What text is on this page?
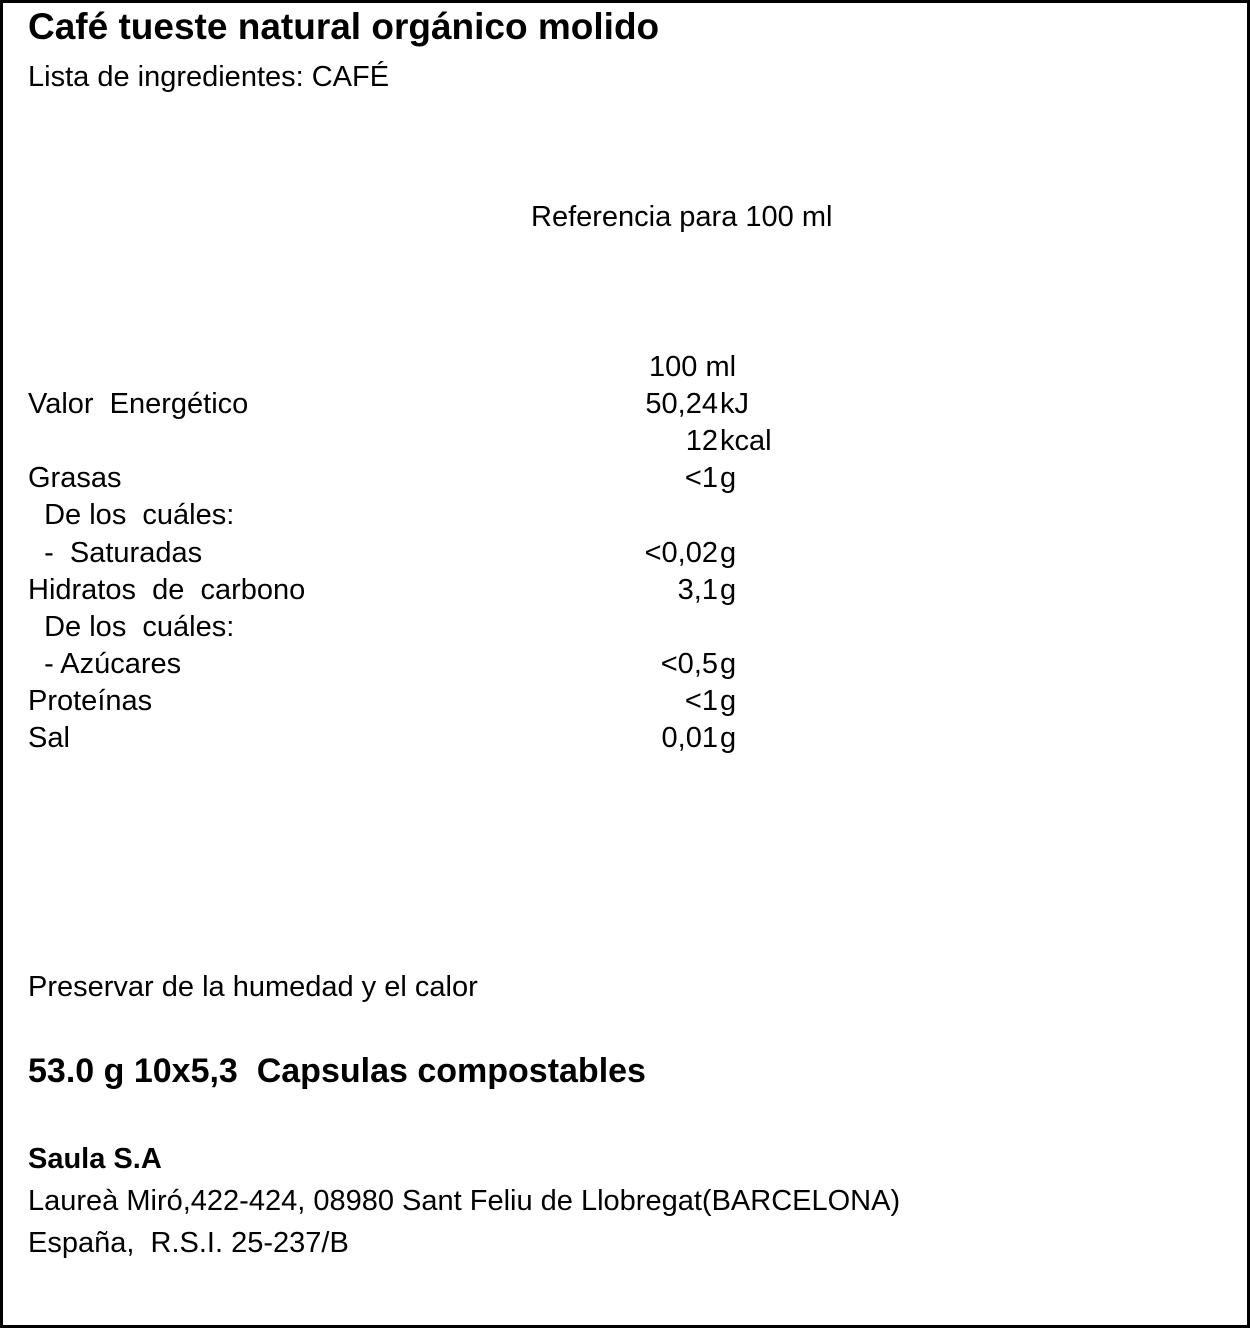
Café tueste natural orgánico molido
Lista de ingredientes: CAFÉ
Referencia para 100 ml
100 ml
Valor  Energético	50,24 kJ
12 kcal
Grasas	<1 g
De los  cuáles:
-  Saturadas	<0,02 g
Hidratos  de  carbono	3,1 g
De los  cuáles:
- Azúcares	<0,5 g
Proteínas	<1 g
Sal	0,01 g
Preservar de la humedad y el calor
53.0 g 10x5,3  Capsulas compostables
Saula S.A
Laureà Miró,422-424, 08980 Sant Feliu de Llobregat(BARCELONA)
España,  R.S.I. 25-237/B
